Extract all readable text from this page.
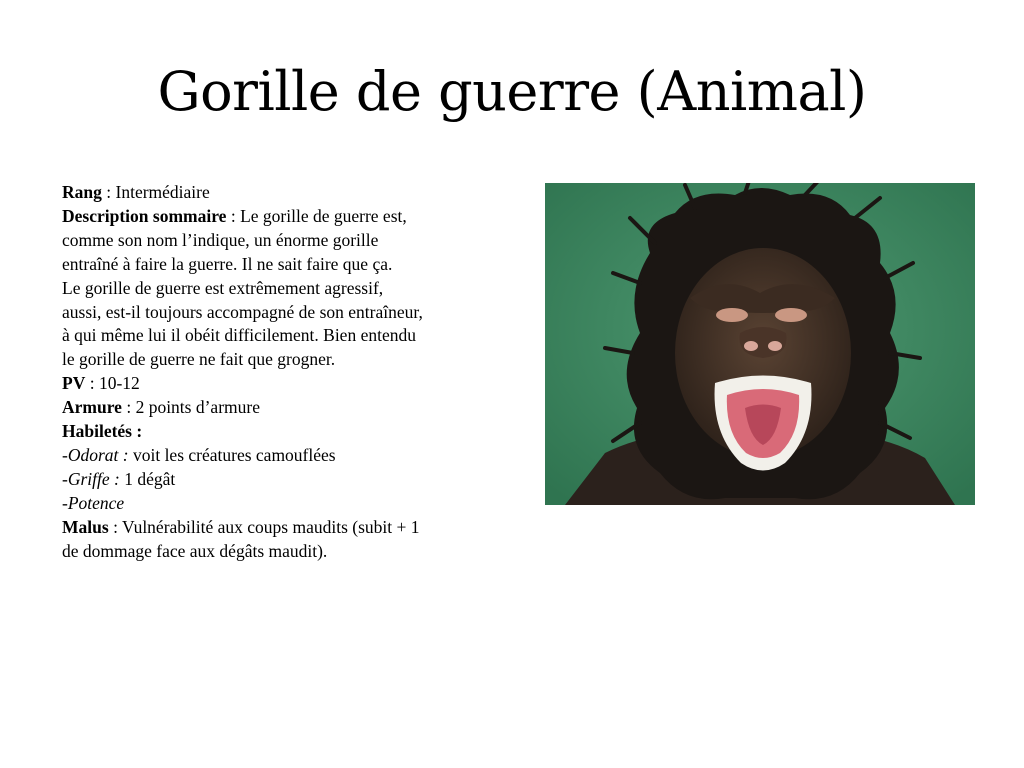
Gorille de guerre (Animal)
Rang : Intermédiaire
Description sommaire : Le gorille de guerre est,
comme son nom l’indique, un énorme gorille
entraîné à faire la guerre. Il ne sait faire que ça.
Le gorille de guerre est extrêmement agressif,
aussi, est-il toujours accompagné de son entraîneur,
à qui même lui il obéit difficilement. Bien entendu
le gorille de guerre ne fait que grogner.
PV : 10-12
Armure : 2 points d’armure
Habiletés :
-Odorat : voit les créatures camouflées
-Griffe : 1 dégât
-Potence
Malus : Vulnérabilité aux coups maudits (subit + 1
de dommage face aux dégâts maudit).
